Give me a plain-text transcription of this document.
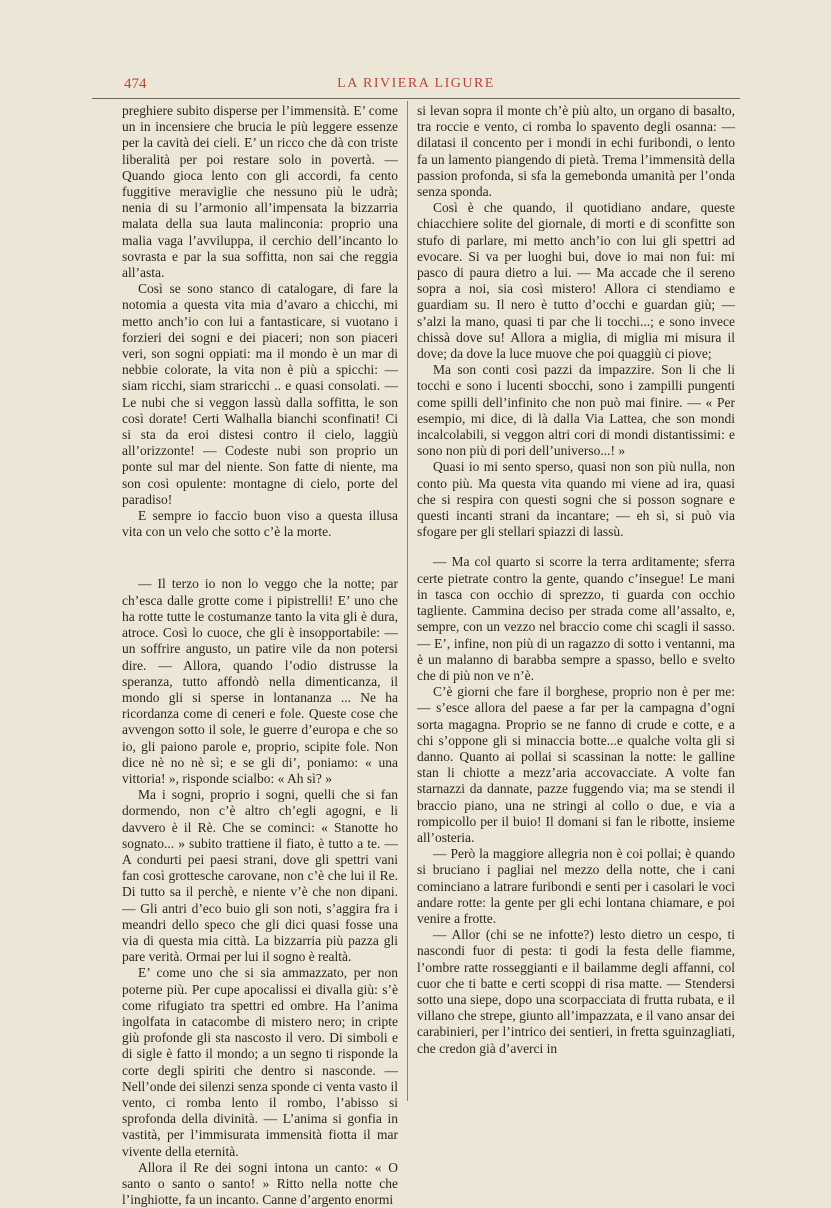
474	LA RIVIERA LIGURE

preghiere subito disperse per l’immensità. E’ come un in incensiere che brucia le più leggere essenze per la cavità dei cieli. E’ un ricco che dà con triste liberalità per poi restare solo in povertà. — Quando gioca lento con gli accordi, fa cento fuggitive meraviglie che nessuno più le udrà; nenia di su l’armonio all’impensata la bizzarria malata della sua lauta malinconia: proprio una malia vaga l’avviluppa, il cerchio dell’incanto lo sovrasta e par la sua soffitta, non sai che reggia all’asta.

Così se sono stanco di catalogare, di fare la notomia a questa vita mia d’avaro a chicchi, mi metto anch’io con lui a fantasticare, si vuotano i forzieri dei sogni e dei piaceri; non son piaceri veri, son sogni oppiati: ma il mondo è un mar di nebbie colorate, la vita non è più a spicchi: — siam ricchi, siam straricchi .. e quasi consolati. — Le nubi che si veggon lassù dalla soffitta, le son così dorate! Certi Walhalla bianchi sconfinati! Ci si sta da eroi distesi contro il cielo, laggiù all’orizzonte! — Codeste nubi son proprio un ponte sul mar del niente. Son fatte di niente, ma son così opulente: montagne di cielo, porte del paradiso!

E sempre io faccio buon viso a questa illusa vita con un velo che sotto c’è la morte.

— Il terzo io non lo veggo che la notte; par ch’esca dalle grotte come i pipistrelli! E’ uno che ha rotte tutte le costumanze tanto la vita gli è dura, atroce. Così lo cuoce, che gli è insopportabile: — un soffrire angusto, un patire vile da non potersi dire. — Allora, quando l’odio distrusse la speranza, tutto affondò nella dimenticanza, il mondo gli si sperse in lontananza ... Ne ha ricordanza come di ceneri e fole. Queste cose che avvengon sotto il sole, le guerre d’europa e che so io, gli paiono parole e, proprio, scipite fole. Non dice nè no nè sì; e se gli di’, poniamo: « una vittoria! », risponde scialbo: « Ah sì? »

Ma i sogni, proprio i sogni, quelli che si fan dormendo, non c’è altro ch’egli agogni, e li davvero è il Rè. Che se cominci: « Stanotte ho sognato... » subito trattiene il fiato, è tutto a te. — A condurti pei paesi strani, dove gli spettri vani fan così grottesche carovane, non c’è che lui il Re. Di tutto sa il perchè, e niente v’è che non dipani. — Gli antri d’eco buio gli son noti, s’aggira fra i meandri dello speco che gli dici quasi fosse una via di questa mia città. La bizzarria più pazza gli pare verità. Ormai per lui il sogno è realtà.

E’ come uno che si sia ammazzato, per non poterne più. Per cupe apocalissi ei divalla giù: s’è come rifugiato tra spettri ed ombre. Ha l’anima ingolfata in catacombe di mistero nero; in cripte giù profonde gli sta nascosto il vero. Di simboli e di sigle è fatto il mondo; a un segno ti risponde la corte degli spiriti che dentro si nasconde. — Nell’onde dei silenzi senza sponde ci venta vasto il vento, ci romba lento il rombo, l’abisso si sprofonda della divinità. — L’anima si gonfia in vastità, per l’immisurata immensità fiotta il mar vivente della eternità.

Allora il Re dei sogni intona un canto: « O santo o santo o santo! » Ritto nella notte che l’inghiotte, fa un incanto. Canne d’argento enormi

si levan sopra il monte ch’è più alto, un organo di basalto, tra roccie e vento, ci romba lo spavento degli osanna: — dilatasi il concento per i mondi in echi furibondi, o lento fa un lamento piangendo di pietà. Trema l’immensità della passion profonda, si sfa la gemebonda umanità per l’onda senza sponda.

Così è che quando, il quotidiano andare, queste chiacchiere solite del giornale, di morti e di sconfitte son stufo di parlare, mi metto anch’io con lui gli spettri ad evocare. Si va per luoghi bui, dove io mai non fui: mi pasco di paura dietro a lui. — Ma accade che il sereno sopra a noi, sia così mistero! Allora ci stendiamo e guardiam su. Il nero è tutto d’occhi e guardan giù; — s’alzi la mano, quasi ti par che li tocchi...; e sono invece chissà dove su! Allora a miglia, di miglia mi misura il dove; da dove la luce muove che poi quaggiù ci piove;

Ma son conti così pazzi da impazzire. Son li che li tocchi e sono i lucenti sbocchi, sono i zampilli pungenti come spilli dell’infinito che non può mai finire. — « Per esempio, mi dice, di là dalla Via Lattea, che son mondi incalcolabili, si veggon altri cori di mondi distantissimi: e sono non più di pori dell’universo...! »

Quasi io mi sento sperso, quasi non son più nulla, non conto più. Ma questa vita quando mi viene ad ira, quasi che si respira con questi sogni che si posson sognare e questi incanti strani da incantare; — eh sì, si può via sfogare per gli stellari spiazzi di lassù.

— Ma col quarto si scorre la terra arditamente; sferra certe pietrate contro la gente, quando c’insegue! Le mani in tasca con occhio di sprezzo, ti guarda con occhio tagliente. Cammina deciso per strada come all’assalto, e, sempre, con un vezzo nel braccio come chi scagli il sasso. — E’, infine, non più di un ragazzo di sotto i ventanni, ma è un malanno di barabba sempre a spasso, bello e svelto che di più non ve n’è.

C’è giorni che fare il borghese, proprio non è per me: — s’esce allora del paese a far per la campagna d’ogni sorta magagna. Proprio se ne fanno di crude e cotte, e a chi s’oppone gli si minaccia botte...e qualche volta gli si danno. Quanto ai pollai si scassinan la notte: le galline stan li chiotte a mezz’aria accovacciate. A volte fan starnazzi da dannate, pazze fuggendo via; ma se stendi il braccio piano, una ne stringi al collo o due, e via a rompicollo per il buio! Il domani si fan le ribotte, insieme all’osteria.

— Però la maggiore allegria non è coi pollai; è quando si bruciano i pagliai nel mezzo della notte, che i cani cominciano a latrare furibondi e senti per i casolari le voci andare rotte: la gente per gli echi lontana chiamare, e poi venire a frotte.

— Allor (chi se ne infotte?) lesto dietro un cespo, ti nascondi fuor di pesta: ti godi la festa delle fiamme, l’ombre ratte rosseggianti e il bailamme degli affanni, col cuor che ti batte e certi scoppi di risa matte. — Stendersi sotto una siepe, dopo una scorpacciata di frutta rubata, e il villano che strepe, giunto all’impazzata, e il vano ansar dei carabinieri, per l’intrico dei sentieri, in fretta sguinzagliati, che credon già d’averci in
